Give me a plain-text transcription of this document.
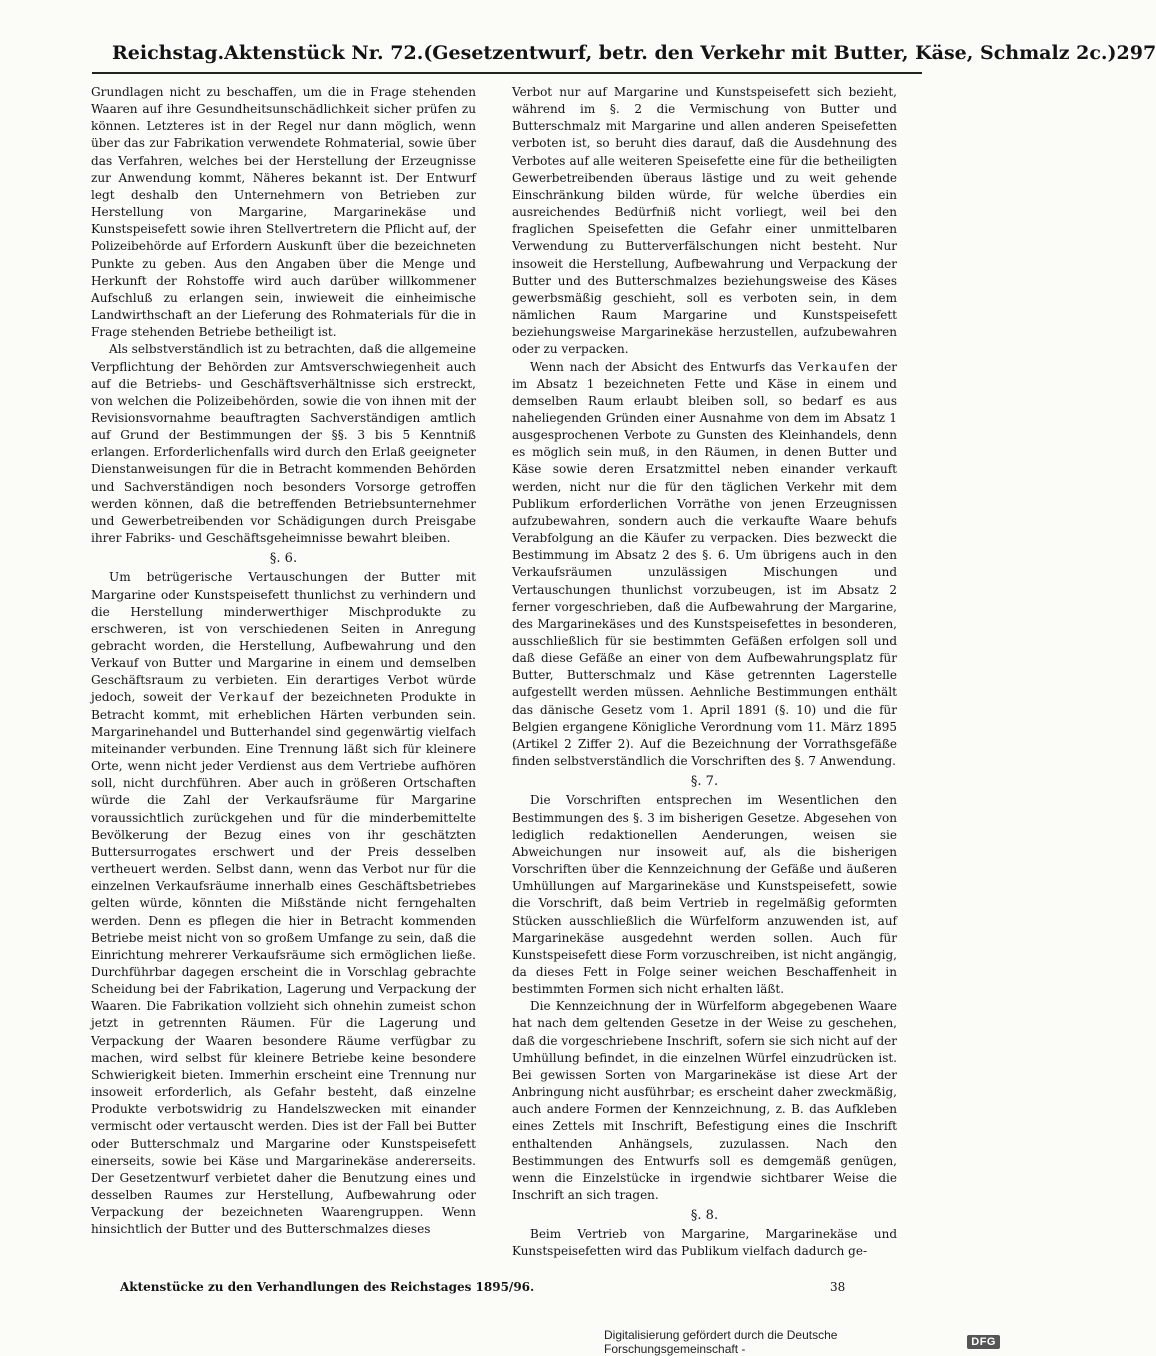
Reichstag. Aktenstück Nr. 72. (Gesetzentwurf, betr. den Verkehr mit Butter, Käse, Schmalz 2c.) 297

Grundlagen nicht zu beschaffen, um die in Frage stehenden Waaren auf ihre Gesundheitsunschädlichkeit sicher prüfen zu können. Letzteres ist in der Regel nur dann möglich, wenn über das zur Fabrikation verwendete Rohmaterial, sowie über das Verfahren, welches bei der Herstellung der Erzeugnisse zur Anwendung kommt, Näheres bekannt ist. Der Entwurf legt deshalb den Unternehmern von Betrieben zur Herstellung von Margarine, Margarinekäse und Kunstspeisefett sowie ihren Stellvertretern die Pflicht auf, der Polizeibehörde auf Erfordern Auskunft über die bezeichneten Punkte zu geben. Aus den Angaben über die Menge und Herkunft der Rohstoffe wird auch darüber willkommener Aufschluß zu erlangen sein, inwieweit die einheimische Landwirthschaft an der Lieferung des Rohmaterials für die in Frage stehenden Betriebe betheiligt ist.

Als selbstverständlich ist zu betrachten, daß die allgemeine Verpflichtung der Behörden zur Amtsverschwiegenheit auch auf die Betriebs- und Geschäftsverhältnisse sich erstreckt, von welchen die Polizeibehörden, sowie die von ihnen mit der Revisionsvornahme beauftragten Sachverständigen amtlich auf Grund der Bestimmungen der §§. 3 bis 5 Kenntniß erlangen. Erforderlichenfalls wird durch den Erlaß geeigneter Dienstanweisungen für die in Betracht kommenden Behörden und Sachverständigen noch besonders Vorsorge getroffen werden können, daß die betreffenden Betriebsunternehmer und Gewerbetreibenden vor Schädigungen durch Preisgabe ihrer Fabriks- und Geschäftsgeheimnisse bewahrt bleiben.

§. 6.

Um betrügerische Vertauschungen der Butter mit Margarine oder Kunstspeisefett thunlichst zu verhindern und die Herstellung minderwerthiger Mischprodukte zu erschweren, ist von verschiedenen Seiten in Anregung gebracht worden, die Herstellung, Aufbewahrung und den Verkauf von Butter und Margarine in einem und demselben Geschäftsraum zu verbieten. Ein derartiges Verbot würde jedoch, soweit der Verkauf der bezeichneten Produkte in Betracht kommt, mit erheblichen Härten verbunden sein. Margarinehandel und Butterhandel sind gegenwärtig vielfach miteinander verbunden. Eine Trennung läßt sich für kleinere Orte, wenn nicht jeder Verdienst aus dem Vertriebe aufhören soll, nicht durchführen. Aber auch in größeren Ortschaften würde die Zahl der Verkaufsräume für Margarine voraussichtlich zurückgehen und für die minderbemittelte Bevölkerung der Bezug eines von ihr geschätzten Buttersurrogates erschwert und der Preis desselben vertheuert werden. Selbst dann, wenn das Verbot nur für die einzelnen Verkaufsräume innerhalb eines Geschäftsbetriebes gelten würde, könnten die Mißstände nicht ferngehalten werden. Denn es pflegen die hier in Betracht kommenden Betriebe meist nicht von so großem Umfange zu sein, daß die Einrichtung mehrerer Verkaufsräume sich ermöglichen ließe. Durchführbar dagegen erscheint die in Vorschlag gebrachte Scheidung bei der Fabrikation, Lagerung und Verpackung der Waaren. Die Fabrikation vollzieht sich ohnehin zumeist schon jetzt in getrennten Räumen. Für die Lagerung und Verpackung der Waaren besondere Räume verfügbar zu machen, wird selbst für kleinere Betriebe keine besondere Schwierigkeit bieten. Immerhin erscheint eine Trennung nur insoweit erforderlich, als Gefahr besteht, daß einzelne Produkte verbotswidrig zu Handelszwecken mit einander vermischt oder vertauscht werden. Dies ist der Fall bei Butter oder Butterschmalz und Margarine oder Kunstspeisefett einerseits, sowie bei Käse und Margarinekäse andererseits. Der Gesetzentwurf verbietet daher die Benutzung eines und desselben Raumes zur Herstellung, Aufbewahrung oder Verpackung der bezeichneten Waarengruppen. Wenn hinsichtlich der Butter und des Butterschmalzes dieses

Verbot nur auf Margarine und Kunstspeisefett sich bezieht, während im §. 2 die Vermischung von Butter und Butterschmalz mit Margarine und allen anderen Speisefetten verboten ist, so beruht dies darauf, daß die Ausdehnung des Verbotes auf alle weiteren Speisefette eine für die betheiligten Gewerbetreibenden überaus lästige und zu weit gehende Einschränkung bilden würde, für welche überdies ein ausreichendes Bedürfniß nicht vorliegt, weil bei den fraglichen Speisefetten die Gefahr einer unmittelbaren Verwendung zu Butterverfälschungen nicht besteht. Nur insoweit die Herstellung, Aufbewahrung und Verpackung der Butter und des Butterschmalzes beziehungsweise des Käses gewerbsmäßig geschieht, soll es verboten sein, in dem nämlichen Raum Margarine und Kunstspeisefett beziehungsweise Margarinekäse herzustellen, aufzubewahren oder zu verpacken.

Wenn nach der Absicht des Entwurfs das Verkaufen der im Absatz 1 bezeichneten Fette und Käse in einem und demselben Raum erlaubt bleiben soll, so bedarf es aus naheliegenden Gründen einer Ausnahme von dem im Absatz 1 ausgesprochenen Verbote zu Gunsten des Kleinhandels, denn es möglich sein muß, in den Räumen, in denen Butter und Käse sowie deren Ersatzmittel neben einander verkauft werden, nicht nur die für den täglichen Verkehr mit dem Publikum erforderlichen Vorräthe von jenen Erzeugnissen aufzubewahren, sondern auch die verkaufte Waare behufs Verabfolgung an die Käufer zu verpacken. Dies bezweckt die Bestimmung im Absatz 2 des §. 6. Um übrigens auch in den Verkaufsräumen unzulässigen Mischungen und Vertauschungen thunlichst vorzubeugen, ist im Absatz 2 ferner vorgeschrieben, daß die Aufbewahrung der Margarine, des Margarinekäses und des Kunstspeisefettes in besonderen, ausschließlich für sie bestimmten Gefäßen erfolgen soll und daß diese Gefäße an einer von dem Aufbewahrungsplatz für Butter, Butterschmalz und Käse getrennten Lagerstelle aufgestellt werden müssen. Aehnliche Bestimmungen enthält das dänische Gesetz vom 1. April 1891 (§. 10) und die für Belgien ergangene Königliche Verordnung vom 11. März 1895 (Artikel 2 Ziffer 2). Auf die Bezeichnung der Vorrathsgefäße finden selbstverständlich die Vorschriften des §. 7 Anwendung.

§. 7.

Die Vorschriften entsprechen im Wesentlichen den Bestimmungen des §. 3 im bisherigen Gesetze. Abgesehen von lediglich redaktionellen Aenderungen, weisen sie Abweichungen nur insoweit auf, als die bisherigen Vorschriften über die Kennzeichnung der Gefäße und äußeren Umhüllungen auf Margarinekäse und Kunstspeisefett, sowie die Vorschrift, daß beim Vertrieb in regelmäßig geformten Stücken ausschließlich die Würfelform anzuwenden ist, auf Margarinekäse ausgedehnt werden sollen. Auch für Kunstspeisefett diese Form vorzuschreiben, ist nicht angängig, da dieses Fett in Folge seiner weichen Beschaffenheit in bestimmten Formen sich nicht erhalten läßt.

Die Kennzeichnung der in Würfelform abgegebenen Waare hat nach dem geltenden Gesetze in der Weise zu geschehen, daß die vorgeschriebene Inschrift, sofern sie sich nicht auf der Umhüllung befindet, in die einzelnen Würfel einzudrücken ist. Bei gewissen Sorten von Margarinekäse ist diese Art der Anbringung nicht ausführbar; es erscheint daher zweckmäßig, auch andere Formen der Kennzeichnung, z. B. das Aufkleben eines Zettels mit Inschrift, Befestigung eines die Inschrift enthaltenden Anhängsels, zuzulassen. Nach den Bestimmungen des Entwurfs soll es demgemäß genügen, wenn die Einzelstücke in irgendwie sichtbarer Weise die Inschrift an sich tragen.

§. 8.

Beim Vertrieb von Margarine, Margarinekäse und Kunstspeisefetten wird das Publikum vielfach dadurch ge-

Aktenstücke zu den Verhandlungen des Reichstages 1895/96.	38
Digitalisierung gefördert durch die Deutsche Forschungsgemeinschaft -	DFG
